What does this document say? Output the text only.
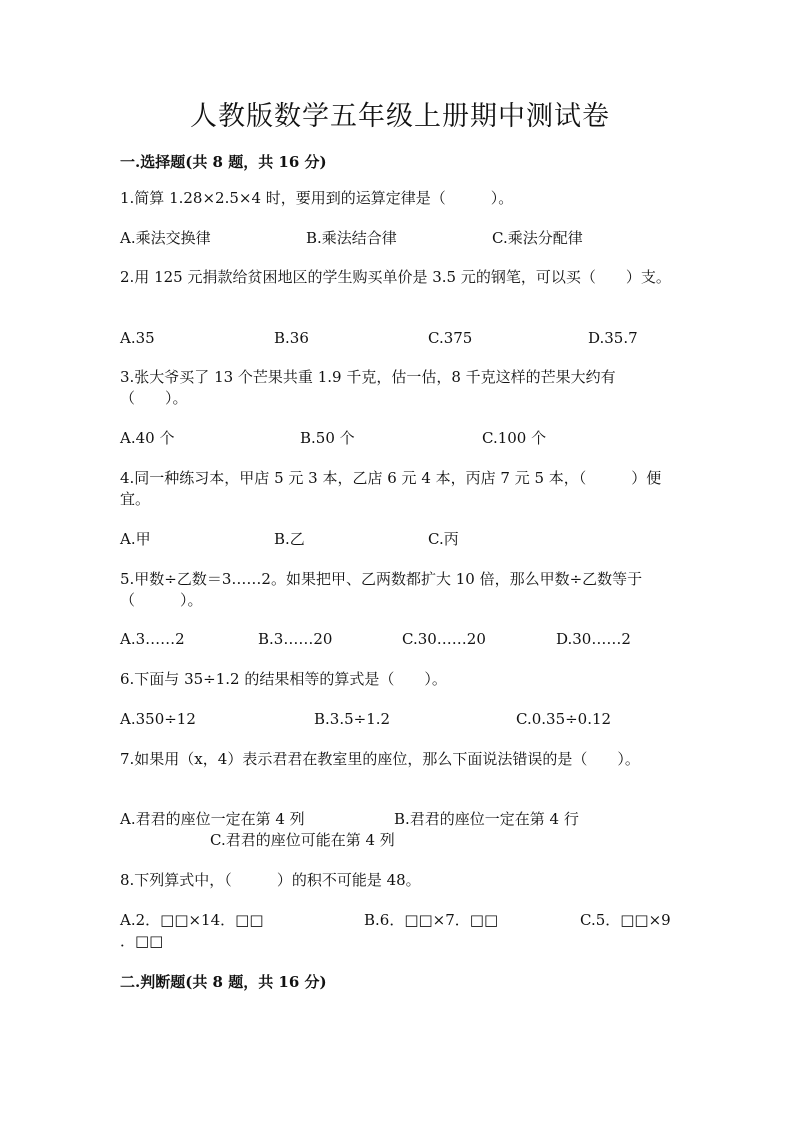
人教版数学五年级上册期中测试卷
一.选择题(共 8 题，共 16 分)
1.简算 1.28×2.5×4 时，要用到的运算定律是（　　　）。
A.乘法交换律	B.乘法结合律	C.乘法分配律
2.用 125 元捐款给贫困地区的学生购买单价是 3.5 元的钢笔，可以买（　　）支。
A.35	B.36	C.375	D.35.7
3.张大爷买了 13 个芒果共重 1.9 千克，估一估，8 千克这样的芒果大约有（　　）。
A.40 个	B.50 个	C.100 个
4.同一种练习本，甲店 5 元 3 本，乙店 6 元 4 本，丙店 7 元 5 本，（　　　）便宜。
A.甲	B.乙	C.丙
5.甲数÷乙数＝3……2。如果把甲、乙两数都扩大 10 倍，那么甲数÷乙数等于（　　　）。
A.3……2	B.3……20	C.30……20	D.30……2
6.下面与 35÷1.2 的结果相等的算式是（　　）。
A.350÷12	B.3.5÷1.2	C.0.35÷0.12
7.如果用（x，4）表示君君在教室里的座位，那么下面说法错误的是（　　）。
A.君君的座位一定在第 4 列	B.君君的座位一定在第 4 行
C.君君的座位可能在第 4 列
8.下列算式中，（　　　）的积不可能是 48。
A.2．□□×14．□□	B.6．□□×7．□□	C.5．□□×9
．□□
二.判断题(共 8 题，共 16 分)
